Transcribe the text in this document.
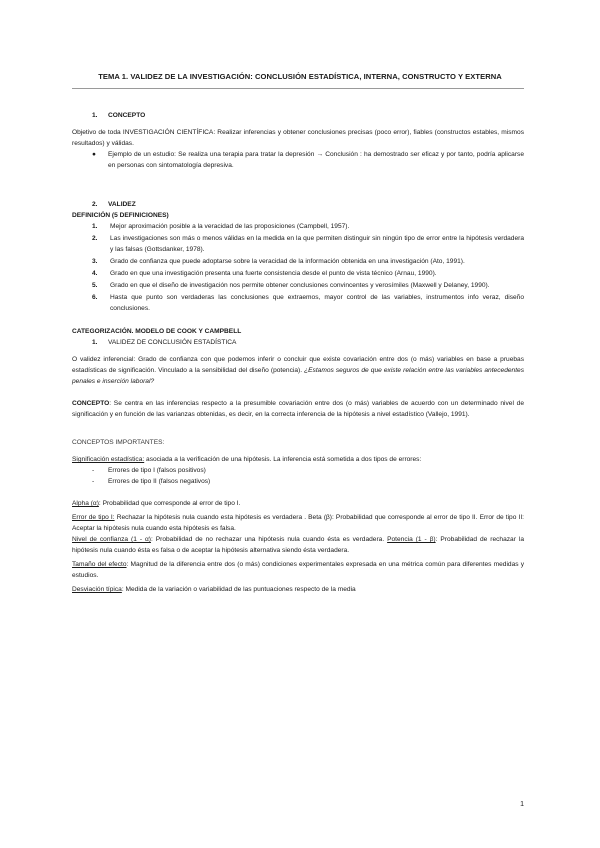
TEMA 1. VALIDEZ DE LA INVESTIGACIÓN: CONCLUSIÓN ESTADÍSTICA, INTERNA, CONSTRUCTO Y EXTERNA
1. CONCEPTO
Objetivo de toda INVESTIGACIÓN CIENTÍFICA: Realizar inferencias y obtener conclusiones precisas (poco error), fiables (constructos estables, mismos resultados) y válidas.
●	Ejemplo de un estudio: Se realiza una terapia para tratar la depresión → Conclusión : ha demostrado ser eficaz y por tanto, podría aplicarse en personas con sintomatología depresiva.
2. VALIDEZ
DEFINICIÓN (5 DEFINICIONES)
1.	Mejor aproximación posible a la veracidad de las proposiciones (Campbell, 1957).
2.	Las investigaciones son más o menos válidas en la medida en la que permiten distinguir sin ningún tipo de error entre la hipótesis verdadera y las falsas (Gottsdanker, 1978).
3.	Grado de confianza que puede adoptarse sobre la veracidad de la información obtenida en una investigación (Ato, 1991).
4.	Grado en que una investigación presenta una fuerte consistencia desde el punto de vista técnico (Arnau, 1990).
5.	Grado en que el diseño de investigación nos permite obtener conclusiones convincentes y verosímiles (Maxwell y Delaney, 1990).
6.	Hasta que punto son verdaderas las conclusiones que extraemos, mayor control de las variables, instrumentos info veraz, diseño conclusiones.
CATEGORIZACIÓN. MODELO DE COOK Y CAMPBELL
1. VALIDEZ DE CONCLUSIÓN ESTADÍSTICA
O validez inferencial: Grado de confianza con que podemos inferir o concluir que existe covariación entre dos (o más) variables en base a pruebas estadísticas de significación. Vinculado a la sensibilidad del diseño (potencia). ¿Estamos seguros de que existe relación entre las variables antecedentes penales e inserción laboral?
CONCEPTO: Se centra en las inferencias respecto a la presumible covariación entre dos (o más) variables de acuerdo con un determinado nivel de significación y en función de las varianzas obtenidas, es decir, en la correcta inferencia de la hipótesis a nivel estadístico (Vallejo, 1991).
CONCEPTOS IMPORTANTES:
Significación estadística: asociada a la verificación de una hipótesis. La inferencia está sometida a dos tipos de errores:
-	Errores de tipo I (falsos positivos)
-	Errores de tipo II (falsos negativos)
Alpha (α): Probabilidad que corresponde al error de tipo I.
Error de tipo I: Rechazar la hipótesis nula cuando esta hipótesis es verdadera . Beta (β): Probabilidad que corresponde al error de tipo II. Error de tipo II: Aceptar la hipótesis nula cuando esta hipótesis es falsa.
Nivel de confianza (1 - α): Probabilidad de no rechazar una hipótesis nula cuando ésta es verdadera. Potencia (1 - β): Probabilidad de rechazar la hipótesis nula cuando ésta es falsa o de aceptar la hipótesis alternativa siendo ésta verdadera.
Tamaño del efecto: Magnitud de la diferencia entre dos (o más) condiciones experimentales expresada en una métrica común para diferentes medidas y estudios.
Desviación típica: Medida de la variación o variabilidad de las puntuaciones respecto de la media
1
